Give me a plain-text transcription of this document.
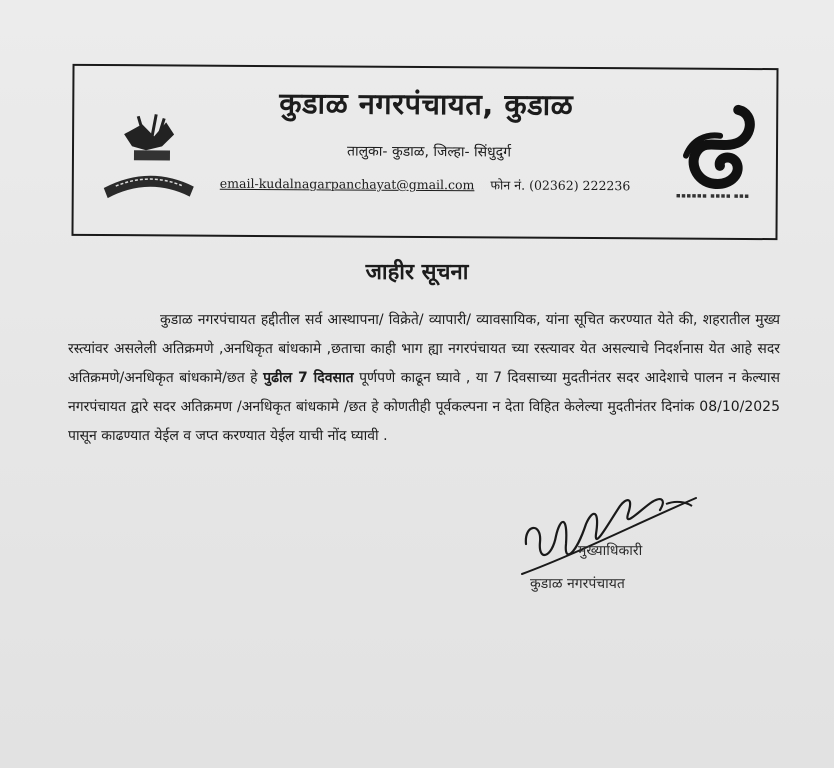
कुडाळ नगरपंचायत, कुडाळ
तालुका- कुडाळ, जिल्हा- सिंधुदुर्ग
email-kudalnagarpanchayat@gmail.com फोन नं. (02362) 222236
▪▪▪▪▪▪ ▪▪▪▪ ▪▪▪
जाहीर सूचना
कुडाळ नगरपंचायत हद्दीतील सर्व आस्थापना/ विक्रेते/ व्यापारी/ व्यावसायिक, यांना सूचित करण्यात येते की, शहरातील मुख्य रस्त्यांवर असलेली अतिक्रमणे ,अनधिकृत बांधकामे ,छताचा काही भाग ह्या नगरपंचायत च्या रस्त्यावर येत असल्याचे निदर्शनास येत आहे सदर अतिक्रमणे/अनधिकृत बांधकामे/छत हे पुढील 7 दिवसात पूर्णपणे काढून घ्यावे , या 7 दिवसाच्या मुदतीनंतर सदर आदेशाचे पालन न केल्यास नगरपंचायत द्वारे सदर अतिक्रमण /अनधिकृत बांधकामे /छत हे कोणतीही पूर्वकल्पना न देता विहित केलेल्या मुदतीनंतर दिनांक 08/10/2025 पासून काढण्यात येईल व जप्त करण्यात येईल याची नोंद घ्यावी .
मुख्याधिकारी
कुडाळ नगरपंचायत
